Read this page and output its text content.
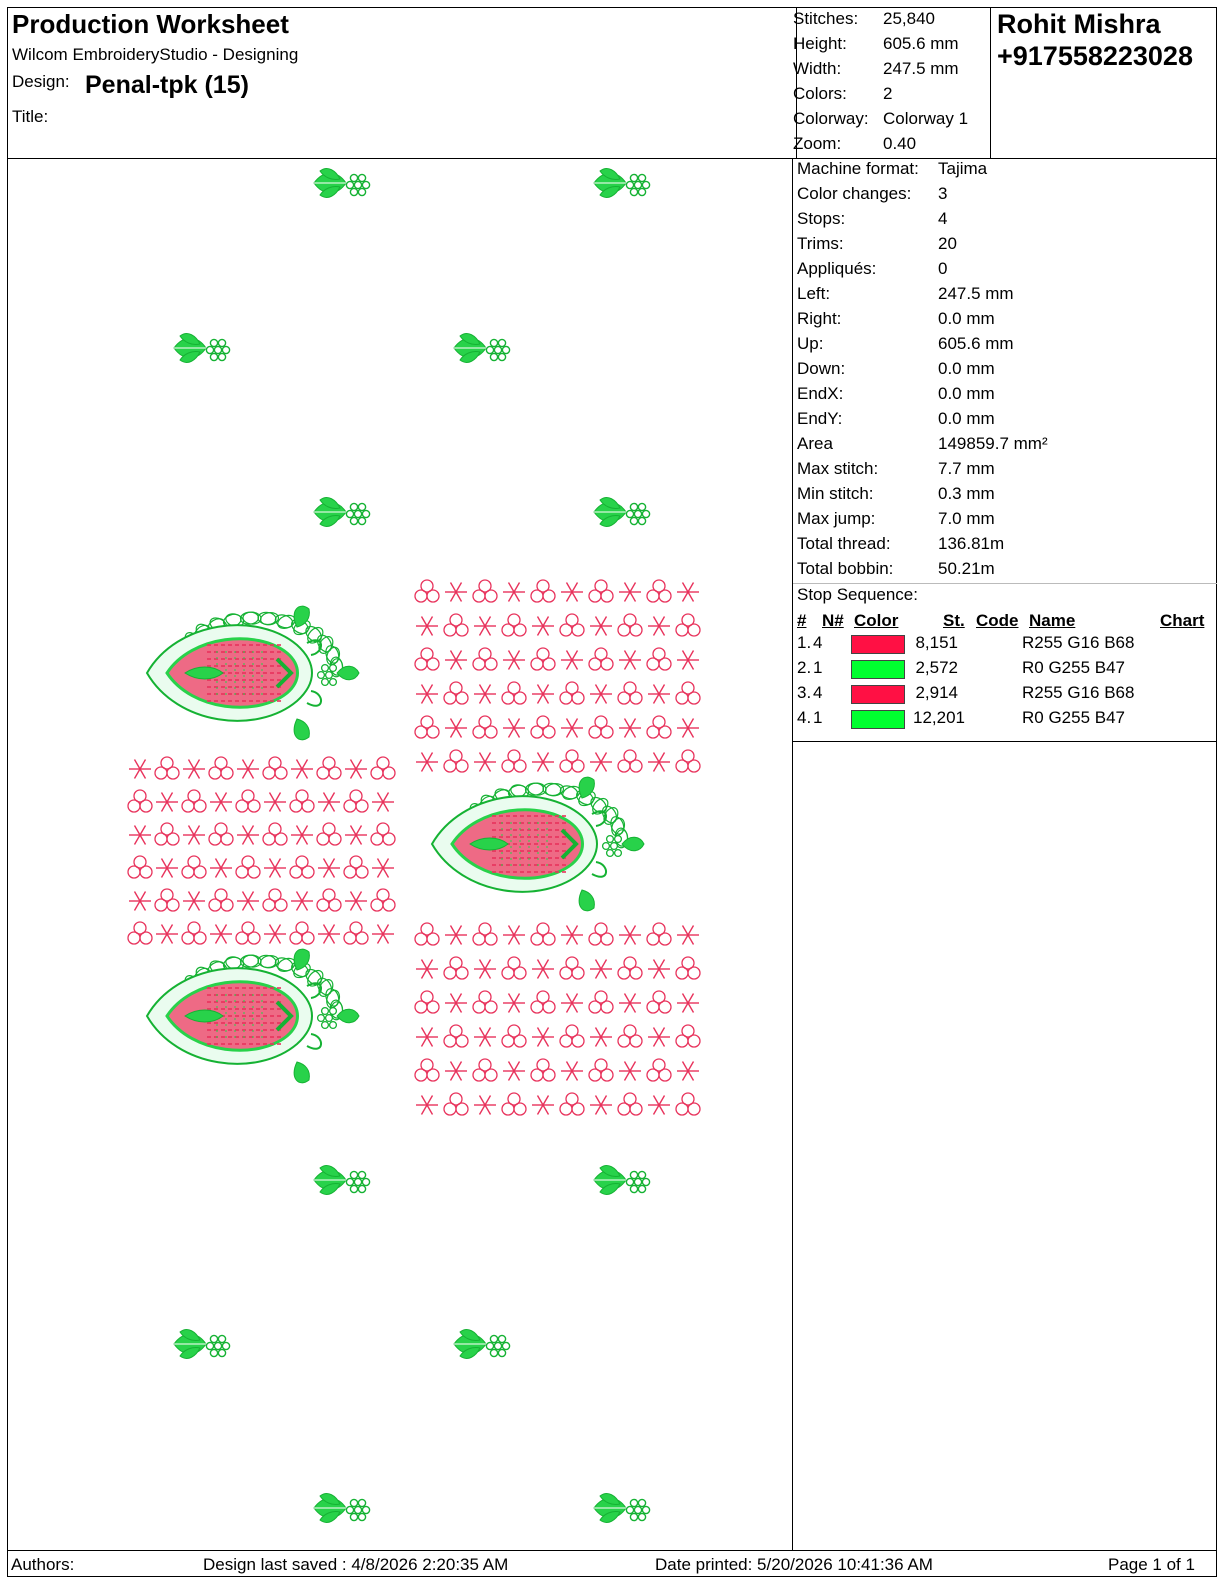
Production Worksheet
Wilcom EmbroideryStudio - Designing
Design: Penal-tpk (15)
Title:
Stitches: 25,840
Height: 605.6 mm
Width: 247.5 mm
Colors: 2
Colorway: Colorway 1
Zoom: 0.40
Rohit Mishra
+917558223028
Machine format: Tajima
Color changes: 3
Stops:	4
Trims:	20
Appliqués:	0
Left:	247.5 mm
Right:	0.0 mm
Up:	605.6 mm
Down:	0.0 mm
EndX:	0.0 mm
EndY:	0.0 mm
Area	149859.7 mm²
Max stitch:	7.7 mm
Min stitch:	0.3 mm
Max jump:	7.0 mm
Total thread:	136.81m
Total bobbin:	50.21m
Stop Sequence:
# N# Color	St. Code Name	Chart
1. 4	8,151	R255 G16 B68
2. 1	2,572	R0 G255 B47
3. 4	2,914	R255 G16 B68
4. 1	12,201	R0 G255 B47
Authors:	Design last saved : 4/8/2026 2:20:35 AM	Date printed: 5/20/2026 10:41:36 AM	Page 1 of 1
